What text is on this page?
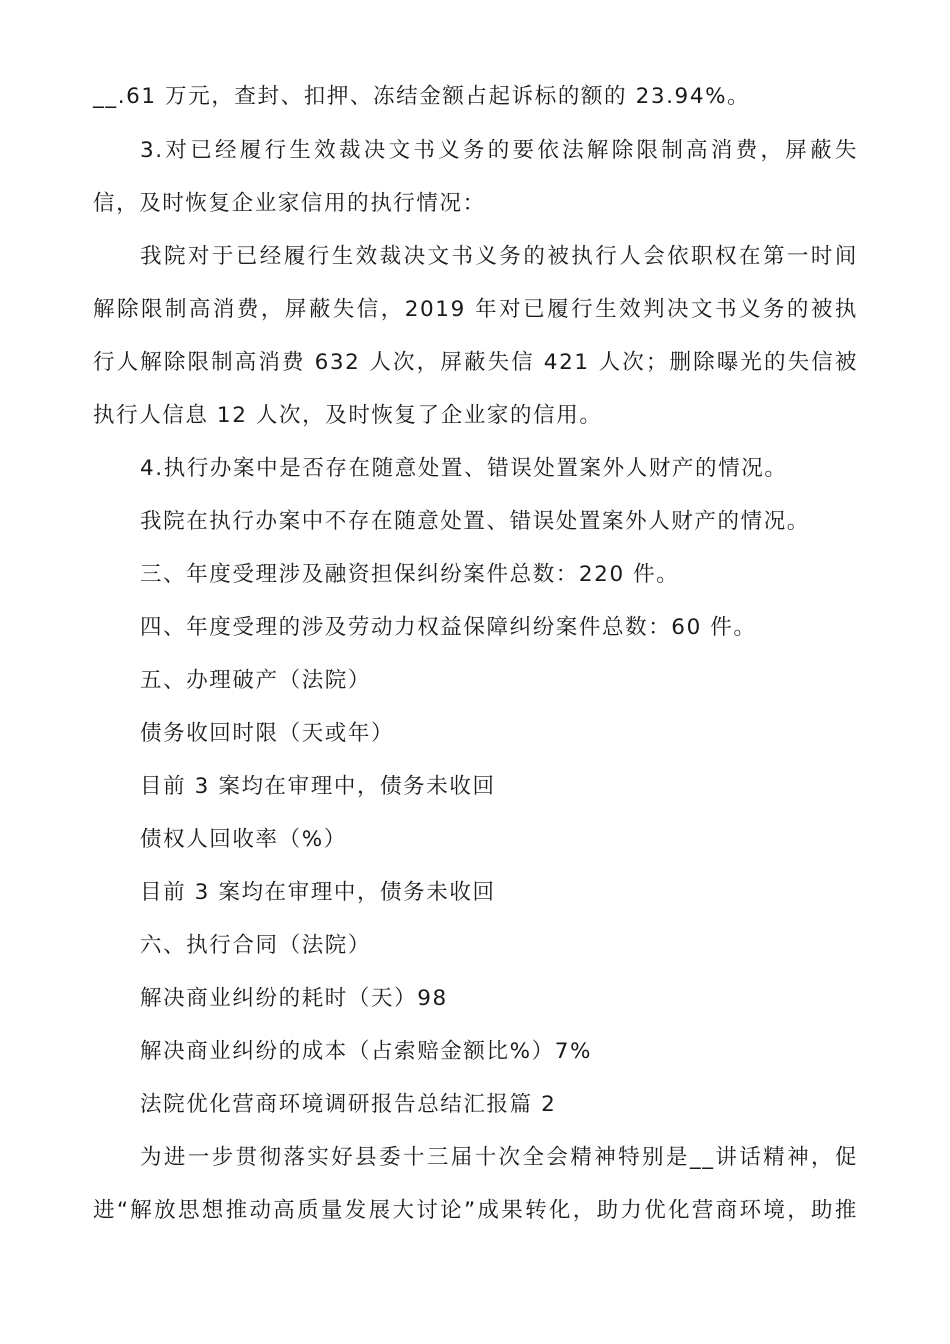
__.61 万元，查封、扣押、冻结金额占起诉标的额的 23.94%。
3.对已经履行生效裁决文书义务的要依法解除限制高消费，屏蔽失
信，及时恢复企业家信用的执行情况：
我院对于已经履行生效裁决文书义务的被执行人会依职权在第一时间
解除限制高消费，屏蔽失信，2019 年对已履行生效判决文书义务的被执
行人解除限制高消费 632 人次，屏蔽失信 421 人次；删除曝光的失信被
执行人信息 12 人次，及时恢复了企业家的信用。
4.执行办案中是否存在随意处置、错误处置案外人财产的情况。
我院在执行办案中不存在随意处置、错误处置案外人财产的情况。
三、年度受理涉及融资担保纠纷案件总数：220 件。
四、年度受理的涉及劳动力权益保障纠纷案件总数：60 件。
五、办理破产（法院）
债务收回时限（天或年）
目前 3 案均在审理中，债务未收回
债权人回收率（%）
目前 3 案均在审理中，债务未收回
六、执行合同（法院）
解决商业纠纷的耗时（天）98
解决商业纠纷的成本（占索赔金额比%）7%
法院优化营商环境调研报告总结汇报篇 2
为进一步贯彻落实好县委十三届十次全会精神特别是__讲话精神，促
进“解放思想推动高质量发展大讨论”成果转化，助力优化营商环境，助推
